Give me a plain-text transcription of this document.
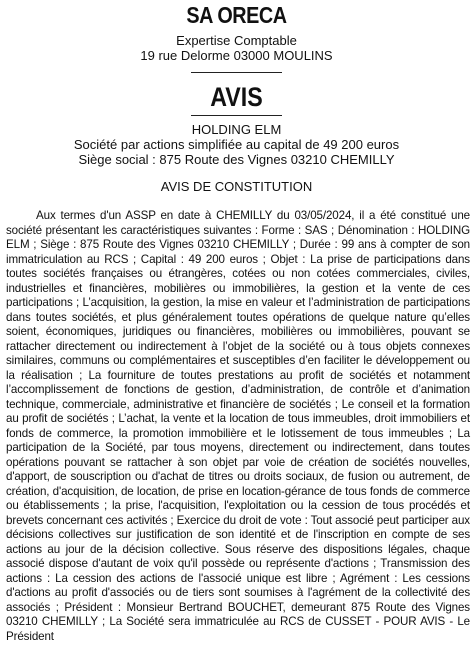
SA ORECA
Expertise Comptable
19 rue Delorme 03000 MOULINS
AVIS
HOLDING ELM
Société par actions simplifiée au capital de 49 200 euros
Siège social : 875 Route des Vignes 03210 CHEMILLY
AVIS DE CONSTITUTION
Aux termes d'un ASSP en date à CHEMILLY du 03/05/2024, il a été constitué une société présentant les caractéristiques suivantes : Forme : SAS ; Dénomination : HOLDING ELM ; Siège : 875 Route des Vignes 03210 CHEMILLY ; Durée : 99 ans à compter de son immatriculation au RCS ; Capital : 49 200 euros ; Objet : La prise de participations dans toutes sociétés françaises ou étrangères, cotées ou non cotées commerciales, civiles, industrielles et financières, mobilières ou immobilières, la gestion et la vente de ces participations ; L’acquisition, la gestion, la mise en valeur et l’administration de participations dans toutes sociétés, et plus généralement toutes opérations de quelque nature qu’elles soient, économiques, juridiques ou financières, mobilières ou immobilières, pouvant se rattacher directement ou indirectement à l’objet de la société ou à tous objets connexes similaires, communs ou complémentaires et susceptibles d’en faciliter le développement ou la réalisation ; La fourniture de toutes prestations au profit de sociétés et notamment l’accomplissement de fonctions de gestion, d’administration, de contrôle et d’animation technique, commerciale, administrative et financière de sociétés ; Le conseil et la formation au profit de sociétés ; L’achat, la vente et la location de tous immeubles, droit immobiliers et fonds de commerce, la promotion immobilière et le lotissement de tous immeubles ; La participation de la Société, par tous moyens, directement ou indirectement, dans toutes opérations pouvant se rattacher à son objet par voie de création de sociétés nouvelles, d'apport, de souscription ou d'achat de titres ou droits sociaux, de fusion ou autrement, de création, d'acquisition, de location, de prise en location-gérance de tous fonds de commerce ou établissements ; la prise, l'acquisition, l'exploitation ou la cession de tous procédés et brevets concernant ces activités ; Exercice du droit de vote : Tout associé peut participer aux décisions collectives sur justification de son identité et de l'inscription en compte de ses actions au jour de la décision collective. Sous réserve des dispositions légales, chaque associé dispose d'autant de voix qu'il possède ou représente d'actions ; Transmission des actions : La cession des actions de l'associé unique est libre ; Agrément : Les cessions d'actions au profit d'associés ou de tiers sont soumises à l'agrément de la collectivité des associés ; Président : Monsieur Bertrand BOUCHET, demeurant 875 Route des Vignes 03210 CHEMILLY ; La Société sera immatriculée au RCS de CUSSET - POUR AVIS - Le Président
